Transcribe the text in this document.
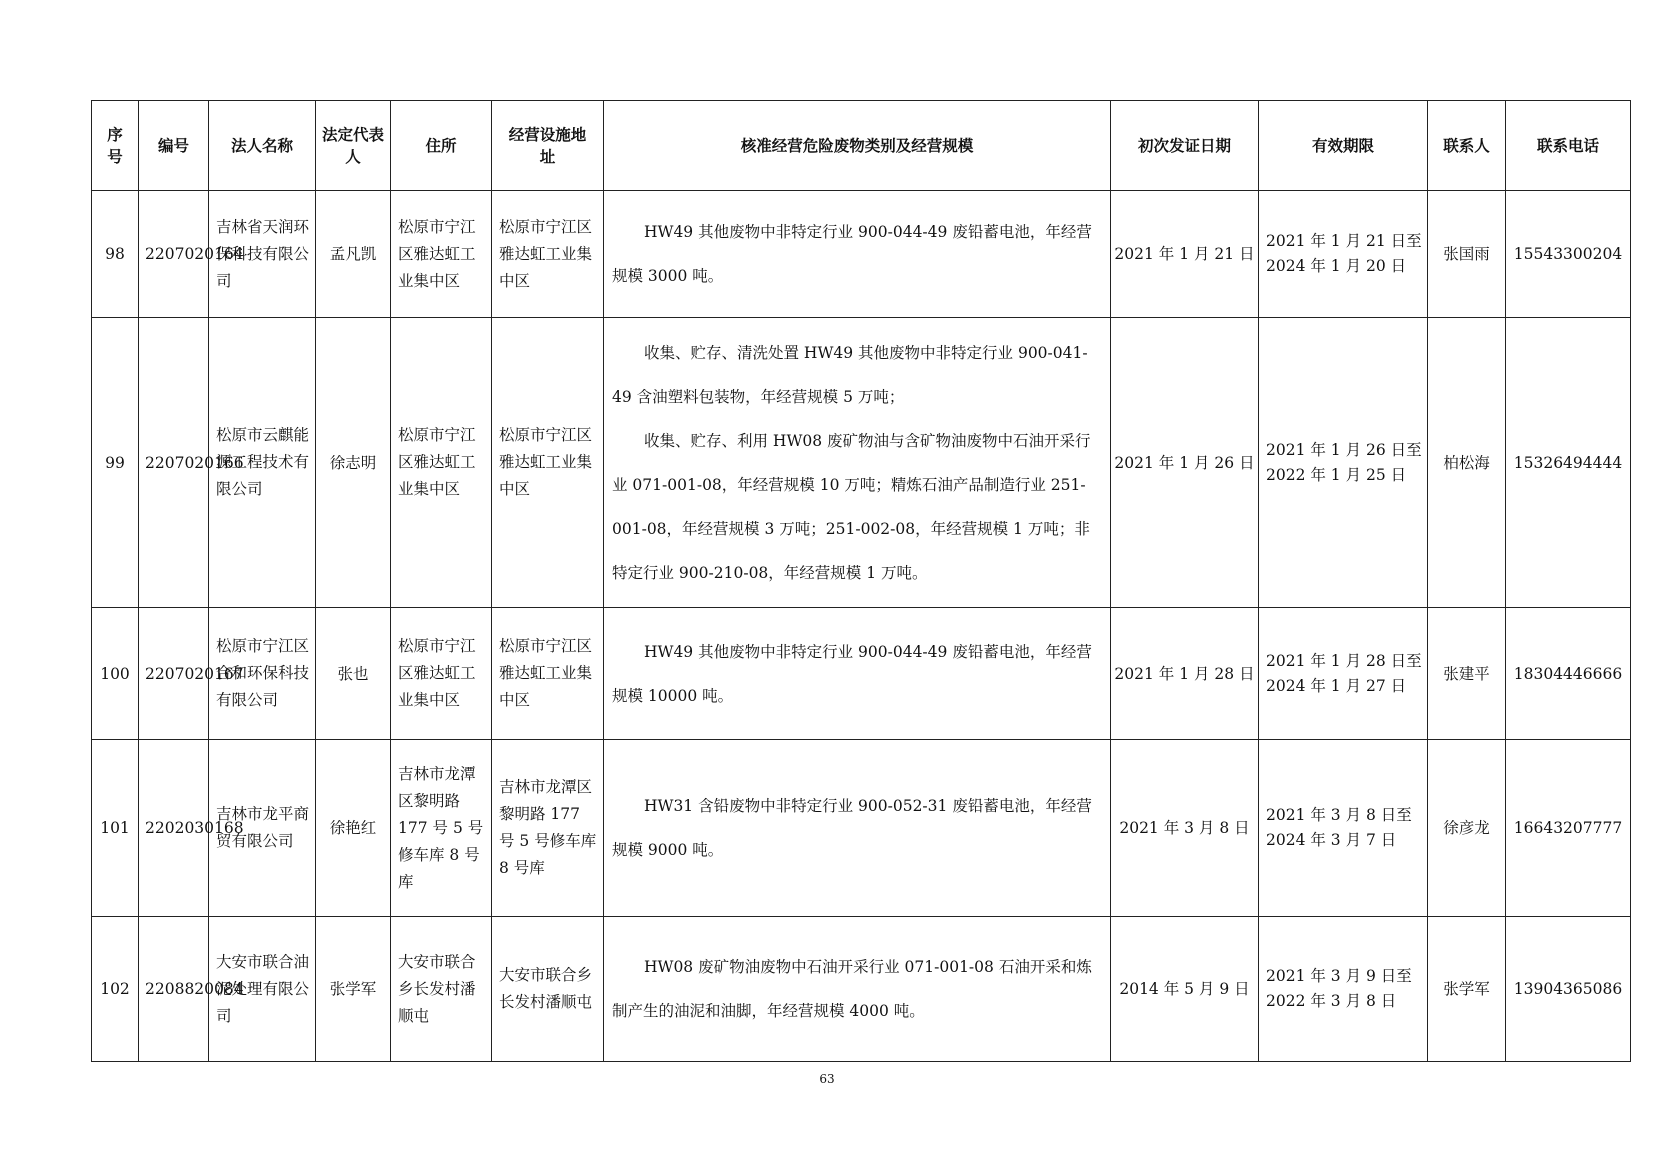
序号	编号	法人名称	法定代表人	住所	经营设施地址	核准经营危险废物类别及经营规模	初次发证日期	有效期限	联系人	联系电话
98	2207020164	吉林省天润环保科技有限公司	孟凡凯	松原市宁江区雅达虹工业集中区	松原市宁江区雅达虹工业集中区	HW49 其他废物中非特定行业 900-044-49 废铅蓄电池，年经营规模 3000 吨。	2021 年 1 月 21 日	2021 年 1 月 21 日至 2024 年 1 月 20 日	张国雨	15543300204
99	2207020166	松原市云麒能源工程技术有限公司	徐志明	松原市宁江区雅达虹工业集中区	松原市宁江区雅达虹工业集中区	收集、贮存、清洗处置 HW49 其他废物中非特定行业 900-041-49 含油塑料包装物，年经营规模 5 万吨；

收集、贮存、利用 HW08 废矿物油与含矿物油废物中石油开采行业 071-001-08，年经营规模 10 万吨；精炼石油产品制造行业 251-001-08，年经营规模 3 万吨；251-002-08，年经营规模 1 万吨；非特定行业 900-210-08，年经营规模 1 万吨。	2021 年 1 月 26 日	2021 年 1 月 26 日至 2022 年 1 月 25 日	柏松海	15326494444
100	2207020167	松原市宁江区合和环保科技有限公司	张也	松原市宁江区雅达虹工业集中区	松原市宁江区雅达虹工业集中区	HW49 其他废物中非特定行业 900-044-49 废铅蓄电池，年经营规模 10000 吨。	2021 年 1 月 28 日	2021 年 1 月 28 日至 2024 年 1 月 27 日	张建平	18304446666
101	2202030168	吉林市龙平商贸有限公司	徐艳红	吉林市龙潭区黎明路 177 号 5 号修车库 8 号库	吉林市龙潭区黎明路 177 号 5 号修车库 8 号库	HW31 含铅废物中非特定行业 900-052-31 废铅蓄电池，年经营规模 9000 吨。	2021 年 3 月 8 日	2021 年 3 月 8 日至 2024 年 3 月 7 日	徐彦龙	16643207777
102	2208820084	大安市联合油泥处理有限公司	张学军	大安市联合乡长发村潘顺屯	大安市联合乡长发村潘顺屯	HW08 废矿物油废物中石油开采行业 071-001-08 石油开采和炼制产生的油泥和油脚，年经营规模 4000 吨。	2014 年 5 月 9 日	2021 年 3 月 9 日至 2022 年 3 月 8 日	张学军	13904365086
63
